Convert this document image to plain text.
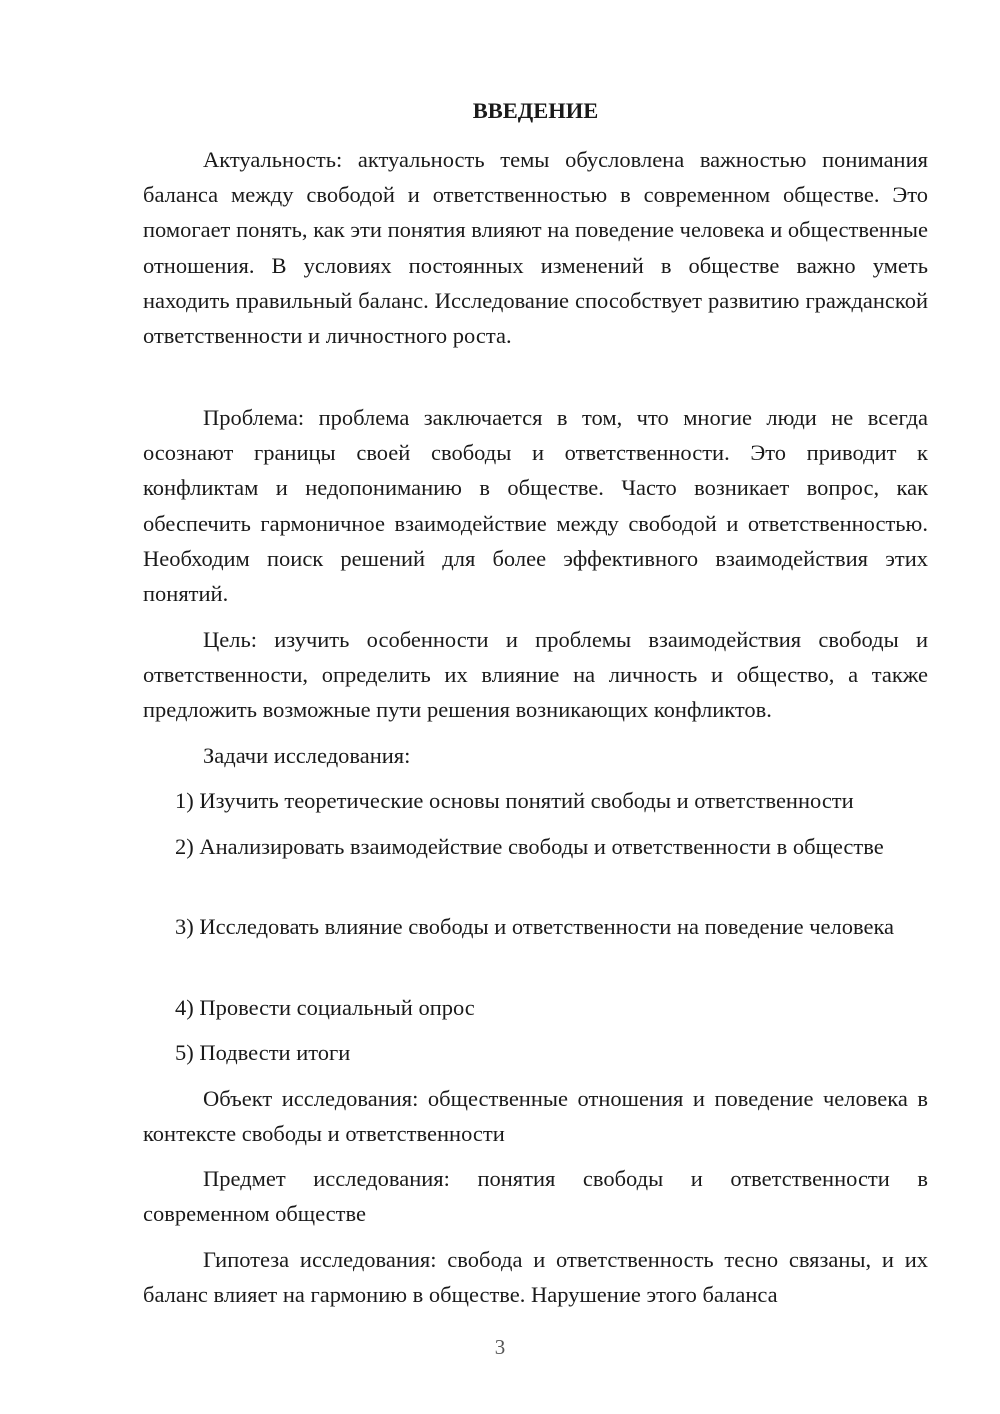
ВВЕДЕНИЕ

Актуальность: актуальность темы обусловлена важностью понимания баланса между свободой и ответственностью в современном обществе. Это помогает понять, как эти понятия влияют на поведение человека и общественные отношения. В условиях постоянных изменений в обществе важно уметь находить правильный баланс. Исследование способствует развитию гражданской ответственности и личностного роста.

Проблема: проблема заключается в том, что многие люди не всегда осознают границы своей свободы и ответственности. Это приводит к конфликтам и недопониманию в обществе. Часто возникает вопрос, как обеспечить гармоничное взаимодействие между свободой и ответственностью. Необходим поиск решений для более эффективного взаимодействия этих понятий.

Цель: изучить особенности и проблемы взаимодействия свободы и ответственности, определить их влияние на личность и общество, а также предложить возможные пути решения возникающих конфликтов.

Задачи исследования:

1) Изучить теоретические основы понятий свободы и ответственности

2) Анализировать взаимодействие свободы и ответственности в обществе

3) Исследовать влияние свободы и ответственности на поведение человека

4) Провести социальный опрос

5) Подвести итоги

Объект исследования: общественные отношения и поведение человека в контексте свободы и ответственности

Предмет исследования: понятия свободы и ответственности в современном обществе

Гипотеза исследования: свобода и ответственность тесно связаны, и их баланс влияет на гармонию в обществе. Нарушение этого баланса

3
